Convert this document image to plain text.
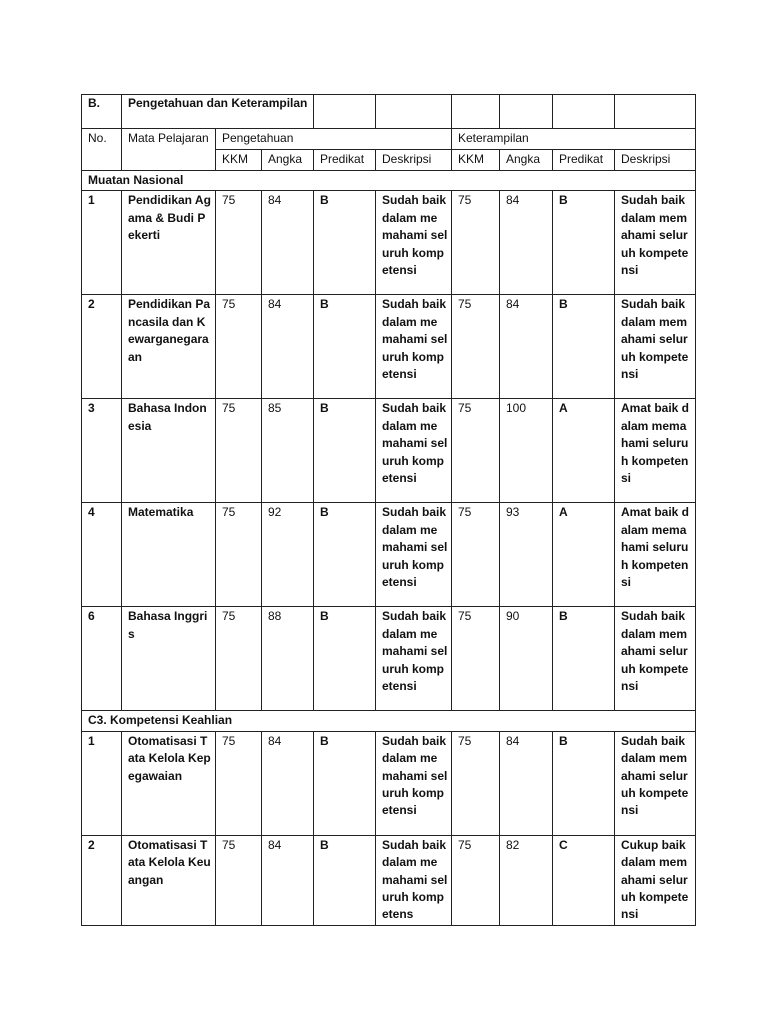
B.	Pengetahuan dan Keterampilan								
No.	Mata Pelajaran	Pengetahuan				Keterampilan			
		KKM	Angka	Predikat	Deskripsi	KKM	Angka	Predikat	Deskripsi
Muatan Nasional									
1	Pendidikan Agama & Budi Pekerti	75	84	B	Sudah baik dalam memahami seluruh kompetensi	75	84	B	Sudah baik dalam memahami seluruh kompetensi
2	Pendidikan Pancasila dan Kewarganegaraan	75	84	B	Sudah baik dalam memahami seluruh kompetensi	75	84	B	Sudah baik dalam memahami seluruh kompetensi
3	Bahasa Indonesia	75	85	B	Sudah baik dalam memahami seluruh kompetensi	75	100	A	Amat baik dalam memahami seluruh kompetensi
4	Matematika	75	92	B	Sudah baik dalam memahami seluruh kompetensi	75	93	A	Amat baik dalam memahami seluruh kompetensi
6	Bahasa Inggris	75	88	B	Sudah baik dalam memahami seluruh kompetensi	75	90	B	Sudah baik dalam memahami seluruh kompetensi
C3. Kompetensi Keahlian									
1	Otomatisasi Tata Kelola Kepegawaian	75	84	B	Sudah baik dalam memahami seluruh kompetensi	75	84	B	Sudah baik dalam memahami seluruh kompetensi
2	Otomatisasi Tata Kelola Keuangan	75	84	B	Sudah baik dalam memahami seluruh kompetens	75	82	C	Cukup baik dalam memahami seluruh kompetensi
